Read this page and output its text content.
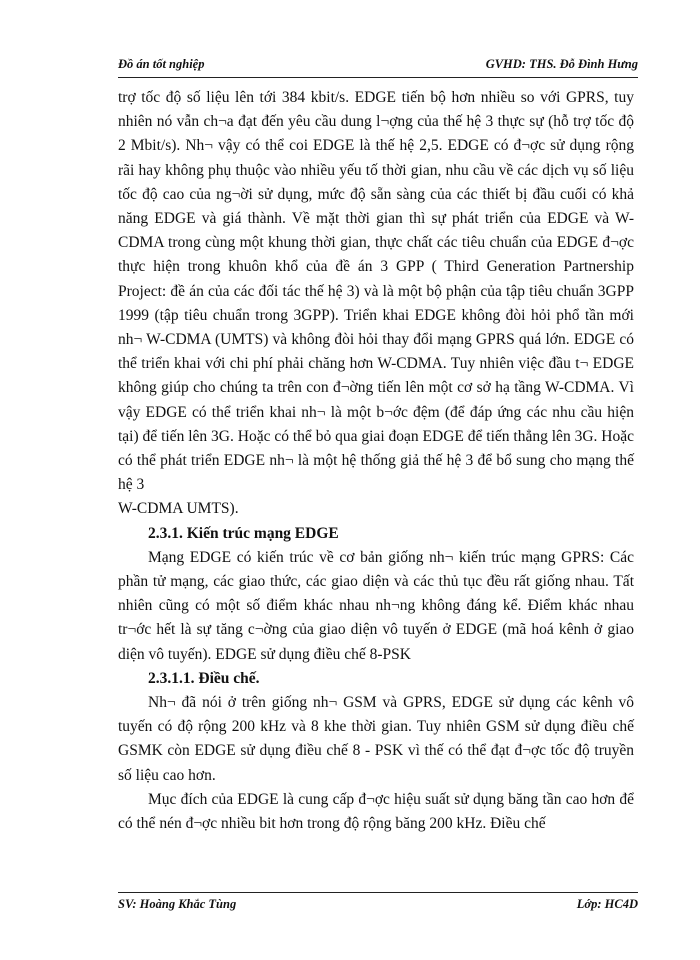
Đồ án tốt nghiệp	GVHD: THS. Đỗ Đình Hưng

trợ tốc độ số liệu lên tới 384 kbit/s. EDGE tiến bộ hơn nhiều so với GPRS, tuy nhiên nó vẫn ch¬a đạt đến yêu cầu dung l¬ợng của thế hệ 3 thực sự (hỗ trợ tốc độ 2 Mbit/s). Nh¬ vậy có thể coi EDGE là thế hệ 2,5. EDGE có đ¬ợc sử dụng rộng rãi hay không phụ thuộc vào nhiều yếu tố thời gian, nhu cầu về các dịch vụ số liệu tốc độ cao của ng¬ời sử dụng, mức độ sẵn sàng của các thiết bị đầu cuối có khả năng EDGE và giá thành. Về mặt thời gian thì sự phát triển của EDGE và W-CDMA trong cùng một khung thời gian, thực chất các tiêu chuẩn của EDGE đ¬ợc thực hiện trong khuôn khổ của đề án 3 GPP ( Third Generation Partnership Project: đề án của các đối tác thế hệ 3) và là một bộ phận của tập tiêu chuẩn 3GPP 1999 (tập tiêu chuẩn trong 3GPP). Triển khai EDGE không đòi hỏi phổ tần mới nh¬ W-CDMA (UMTS) và không đòi hỏi thay đổi mạng GPRS quá lớn. EDGE có thể triển khai với chi phí phải chăng hơn W-CDMA. Tuy nhiên việc đầu t¬ EDGE không giúp cho chúng ta trên con đ¬ờng tiến lên một cơ sở hạ tầng W-CDMA. Vì vậy EDGE có thể triển khai nh¬ là một b¬ớc đệm (để đáp ứng các nhu cầu hiện tại) để tiến lên 3G. Hoặc có thể bỏ qua giai đoạn EDGE để tiến thẳng lên 3G. Hoặc có thể phát triển EDGE nh¬ là một hệ thống giả thế hệ 3 để bổ sung cho mạng thế hệ 3

W-CDMA UMTS).

2.3.1. Kiến trúc mạng EDGE

Mạng EDGE có kiến trúc về cơ bản giống nh¬ kiến trúc mạng GPRS: Các phần tử mạng, các giao thức, các giao diện và các thủ tục đều rất giống nhau. Tất nhiên cũng có một số điểm khác nhau nh¬ng không đáng kể. Điểm khác nhau tr¬ớc hết là sự tăng c¬ờng của giao diện vô tuyến ở EDGE (mã hoá kênh ở giao diện vô tuyến). EDGE sử dụng điều chế 8-PSK

2.3.1.1. Điều chế.

Nh¬ đã nói ở trên giống nh¬ GSM và GPRS, EDGE sử dụng các kênh vô tuyến có độ rộng 200 kHz và 8 khe thời gian. Tuy nhiên GSM sử dụng điều chế GSMK còn EDGE sử dụng điều chế 8 - PSK vì thế có thể đạt đ¬ợc tốc độ truyền số liệu cao hơn.

Mục đích của EDGE là cung cấp đ¬ợc hiệu suất sử dụng băng tần cao hơn để có thể nén đ¬ợc nhiều bit hơn trong độ rộng băng 200 kHz. Điều chế

SV: Hoàng Khắc Tùng	Lớp: HC4D
